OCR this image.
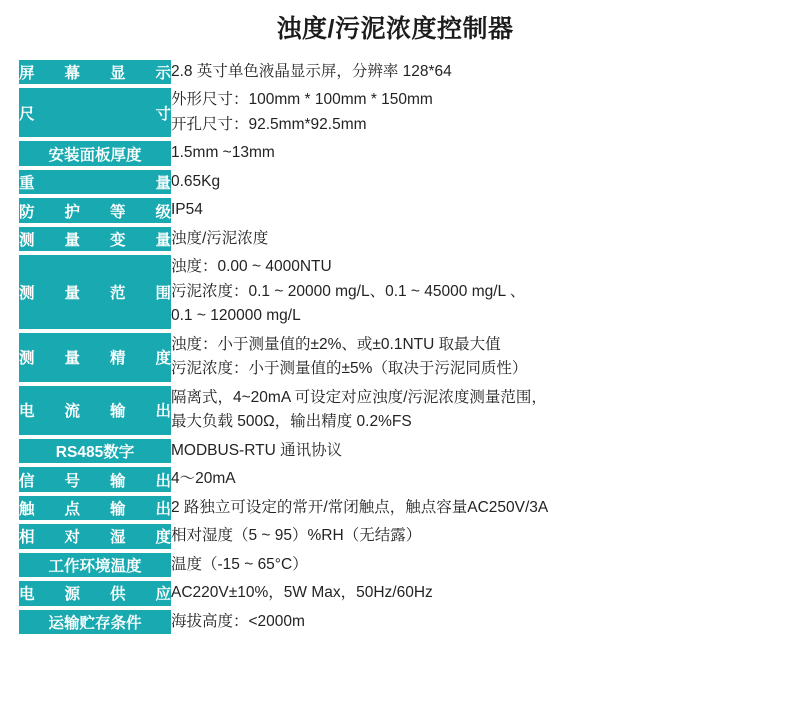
浊度/污泥浓度控制器
屏 幕 显 示	2.8 英寸单色液晶显示屏，分辨率 128*64

尺 寸	外形尺寸：100mm * 100mm * 150mm
开孔尺寸：92.5mm*92.5mm

安装面板厚度	1.5mm ~13mm

重 量	0.65Kg

防 护 等 级	IP54

测 量 变 量	浊度/污泥浓度

测 量 范 围	浊度：0.00 ~ 4000NTU
污泥浓度：0.1 ~ 20000 mg/L、0.1 ~ 45000 mg/L 、
0.1 ~ 120000 mg/L

测 量 精 度	浊度：小于测量值的±2%、或±0.1NTU 取最大值
污泥浓度：小于测量值的±5%（取决于污泥同质性）

电 流 输 出	隔离式，4~20mA 可设定对应浊度/污泥浓度测量范围，
最大负载 500Ω，输出精度 0.2%FS

RS485数字	MODBUS-RTU 通讯协议

信 号 输 出	4〜20mA

触 点 输 出	2 路独立可设定的常开/常闭触点，触点容量AC250V/3A

相 对 湿 度	相对湿度（5 ~ 95）%RH（无结露）

工作环境温度	温度（-15 ~ 65°C）

电 源 供 应	AC220V±10%，5W Max，50Hz/60Hz

运输贮存条件	海拔高度：<2000m
